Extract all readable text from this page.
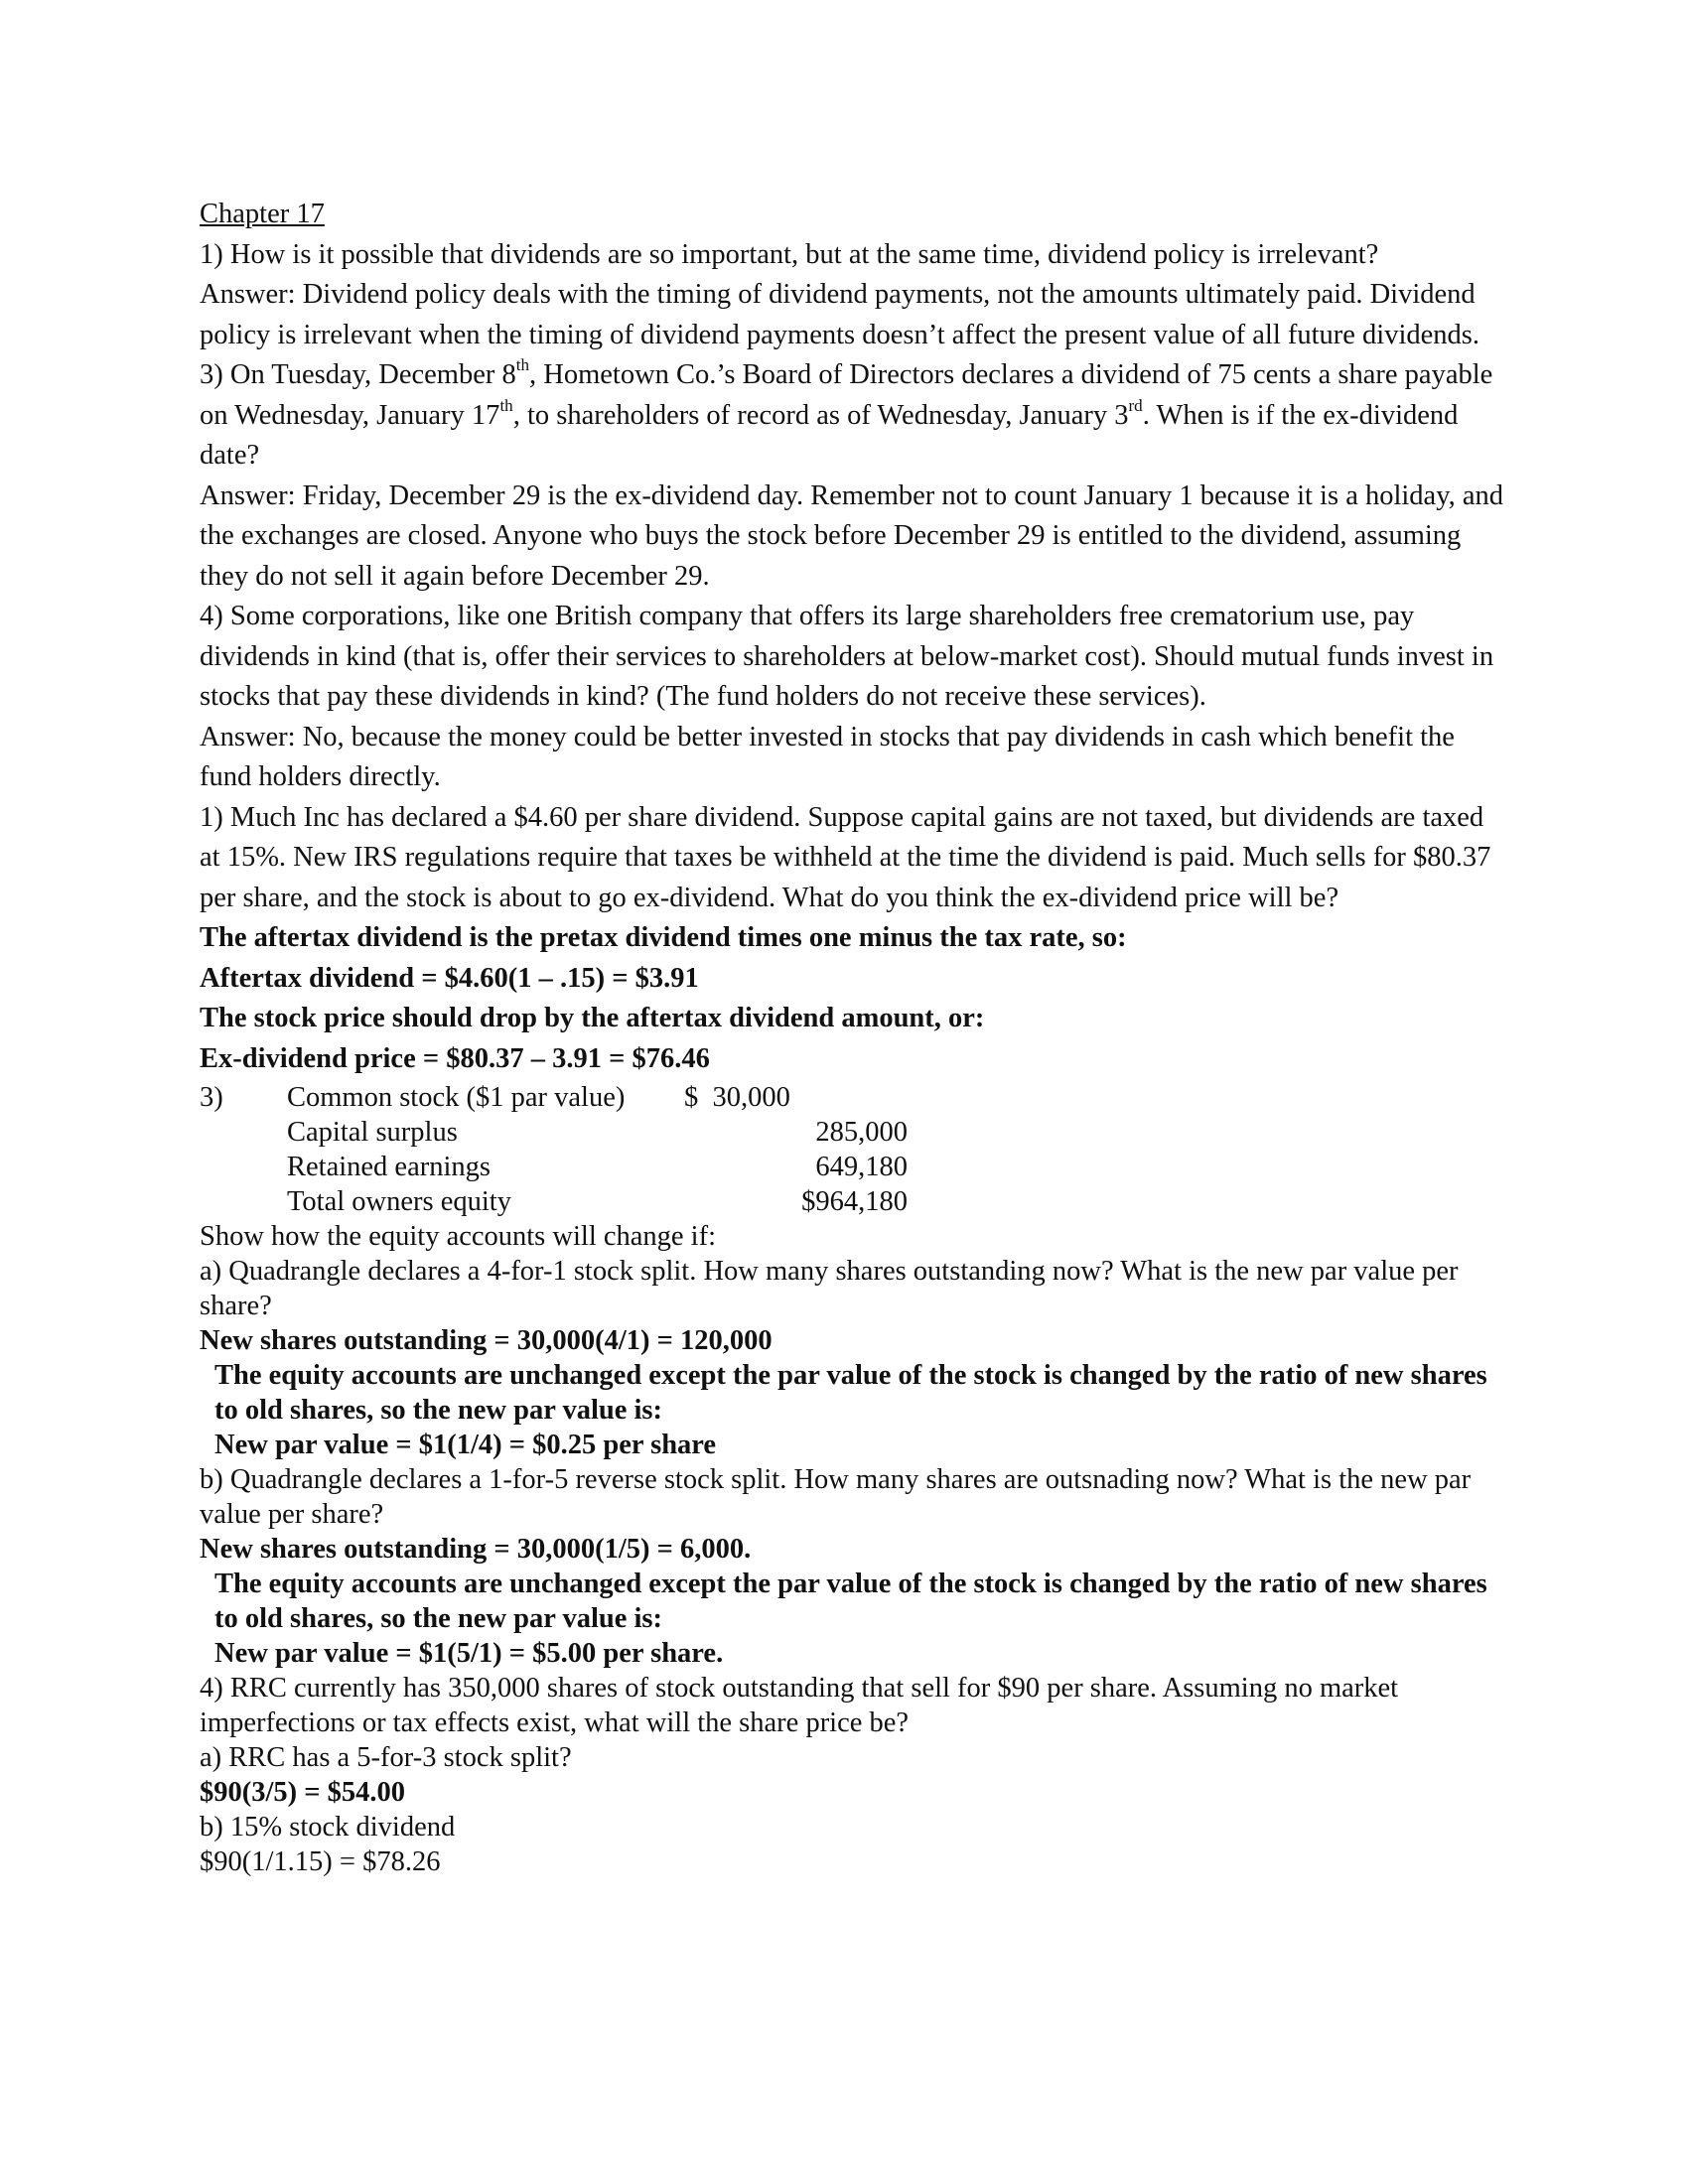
Chapter 17

1) How is it possible that dividends are so important, but at the same time, dividend policy is irrelevant?

Answer: Dividend policy deals with the timing of dividend payments, not the amounts ultimately paid. Dividend policy is irrelevant when the timing of dividend payments doesn’t affect the present value of all future dividends.

3) On Tuesday, December 8th, Hometown Co.’s Board of Directors declares a dividend of 75 cents a share payable on Wednesday, January 17th, to shareholders of record as of Wednesday, January 3rd. When is if the ex-dividend date?

Answer: Friday, December 29 is the ex-dividend day. Remember not to count January 1 because it is a holiday, and the exchanges are closed. Anyone who buys the stock before December 29 is entitled to the dividend, assuming they do not sell it again before December 29.

4) Some corporations, like one British company that offers its large shareholders free crematorium use, pay dividends in kind (that is, offer their services to shareholders at below-market cost). Should mutual funds invest in stocks that pay these dividends in kind? (The fund holders do not receive these services).

Answer: No, because the money could be better invested in stocks that pay dividends in cash which benefit the fund holders directly.

1) Much Inc has declared a $4.60 per share dividend. Suppose capital gains are not taxed, but dividends are taxed at 15%. New IRS regulations require that taxes be withheld at the time the dividend is paid. Much sells for $80.37 per share, and the stock is about to go ex-dividend. What do you think the ex-dividend price will be?

The aftertax dividend is the pretax dividend times one minus the tax rate, so:

Aftertax dividend = $4.60(1 – .15) = $3.91

The stock price should drop by the aftertax dividend amount, or:

Ex-dividend price = $80.37 – 3.91 = $76.46

3)	Common stock ($1 par value)	$  30,000
	Capital surplus	285,000
	Retained earnings	649,180
	Total owners equity	$964,180

Show how the equity accounts will change if:

a) Quadrangle declares a 4-for-1 stock split. How many shares outstanding now? What is the new par value per share?

New shares outstanding = 30,000(4/1) = 120,000

The equity accounts are unchanged except the par value of the stock is changed by the ratio of new shares to old shares, so the new par value is:

New par value = $1(1/4) = $0.25 per share

b) Quadrangle declares a 1-for-5 reverse stock split. How many shares are outsnading now? What is the new par value per share?

New shares outstanding = 30,000(1/5) = 6,000.

The equity accounts are unchanged except the par value of the stock is changed by the ratio of new shares to old shares, so the new par value is:

New par value = $1(5/1) = $5.00 per share.

4) RRC currently has 350,000 shares of stock outstanding that sell for $90 per share. Assuming no market imperfections or tax effects exist, what will the share price be?

a) RRC has a 5-for-3 stock split?

$90(3/5) = $54.00

b) 15% stock dividend

$90(1/1.15) = $78.26
